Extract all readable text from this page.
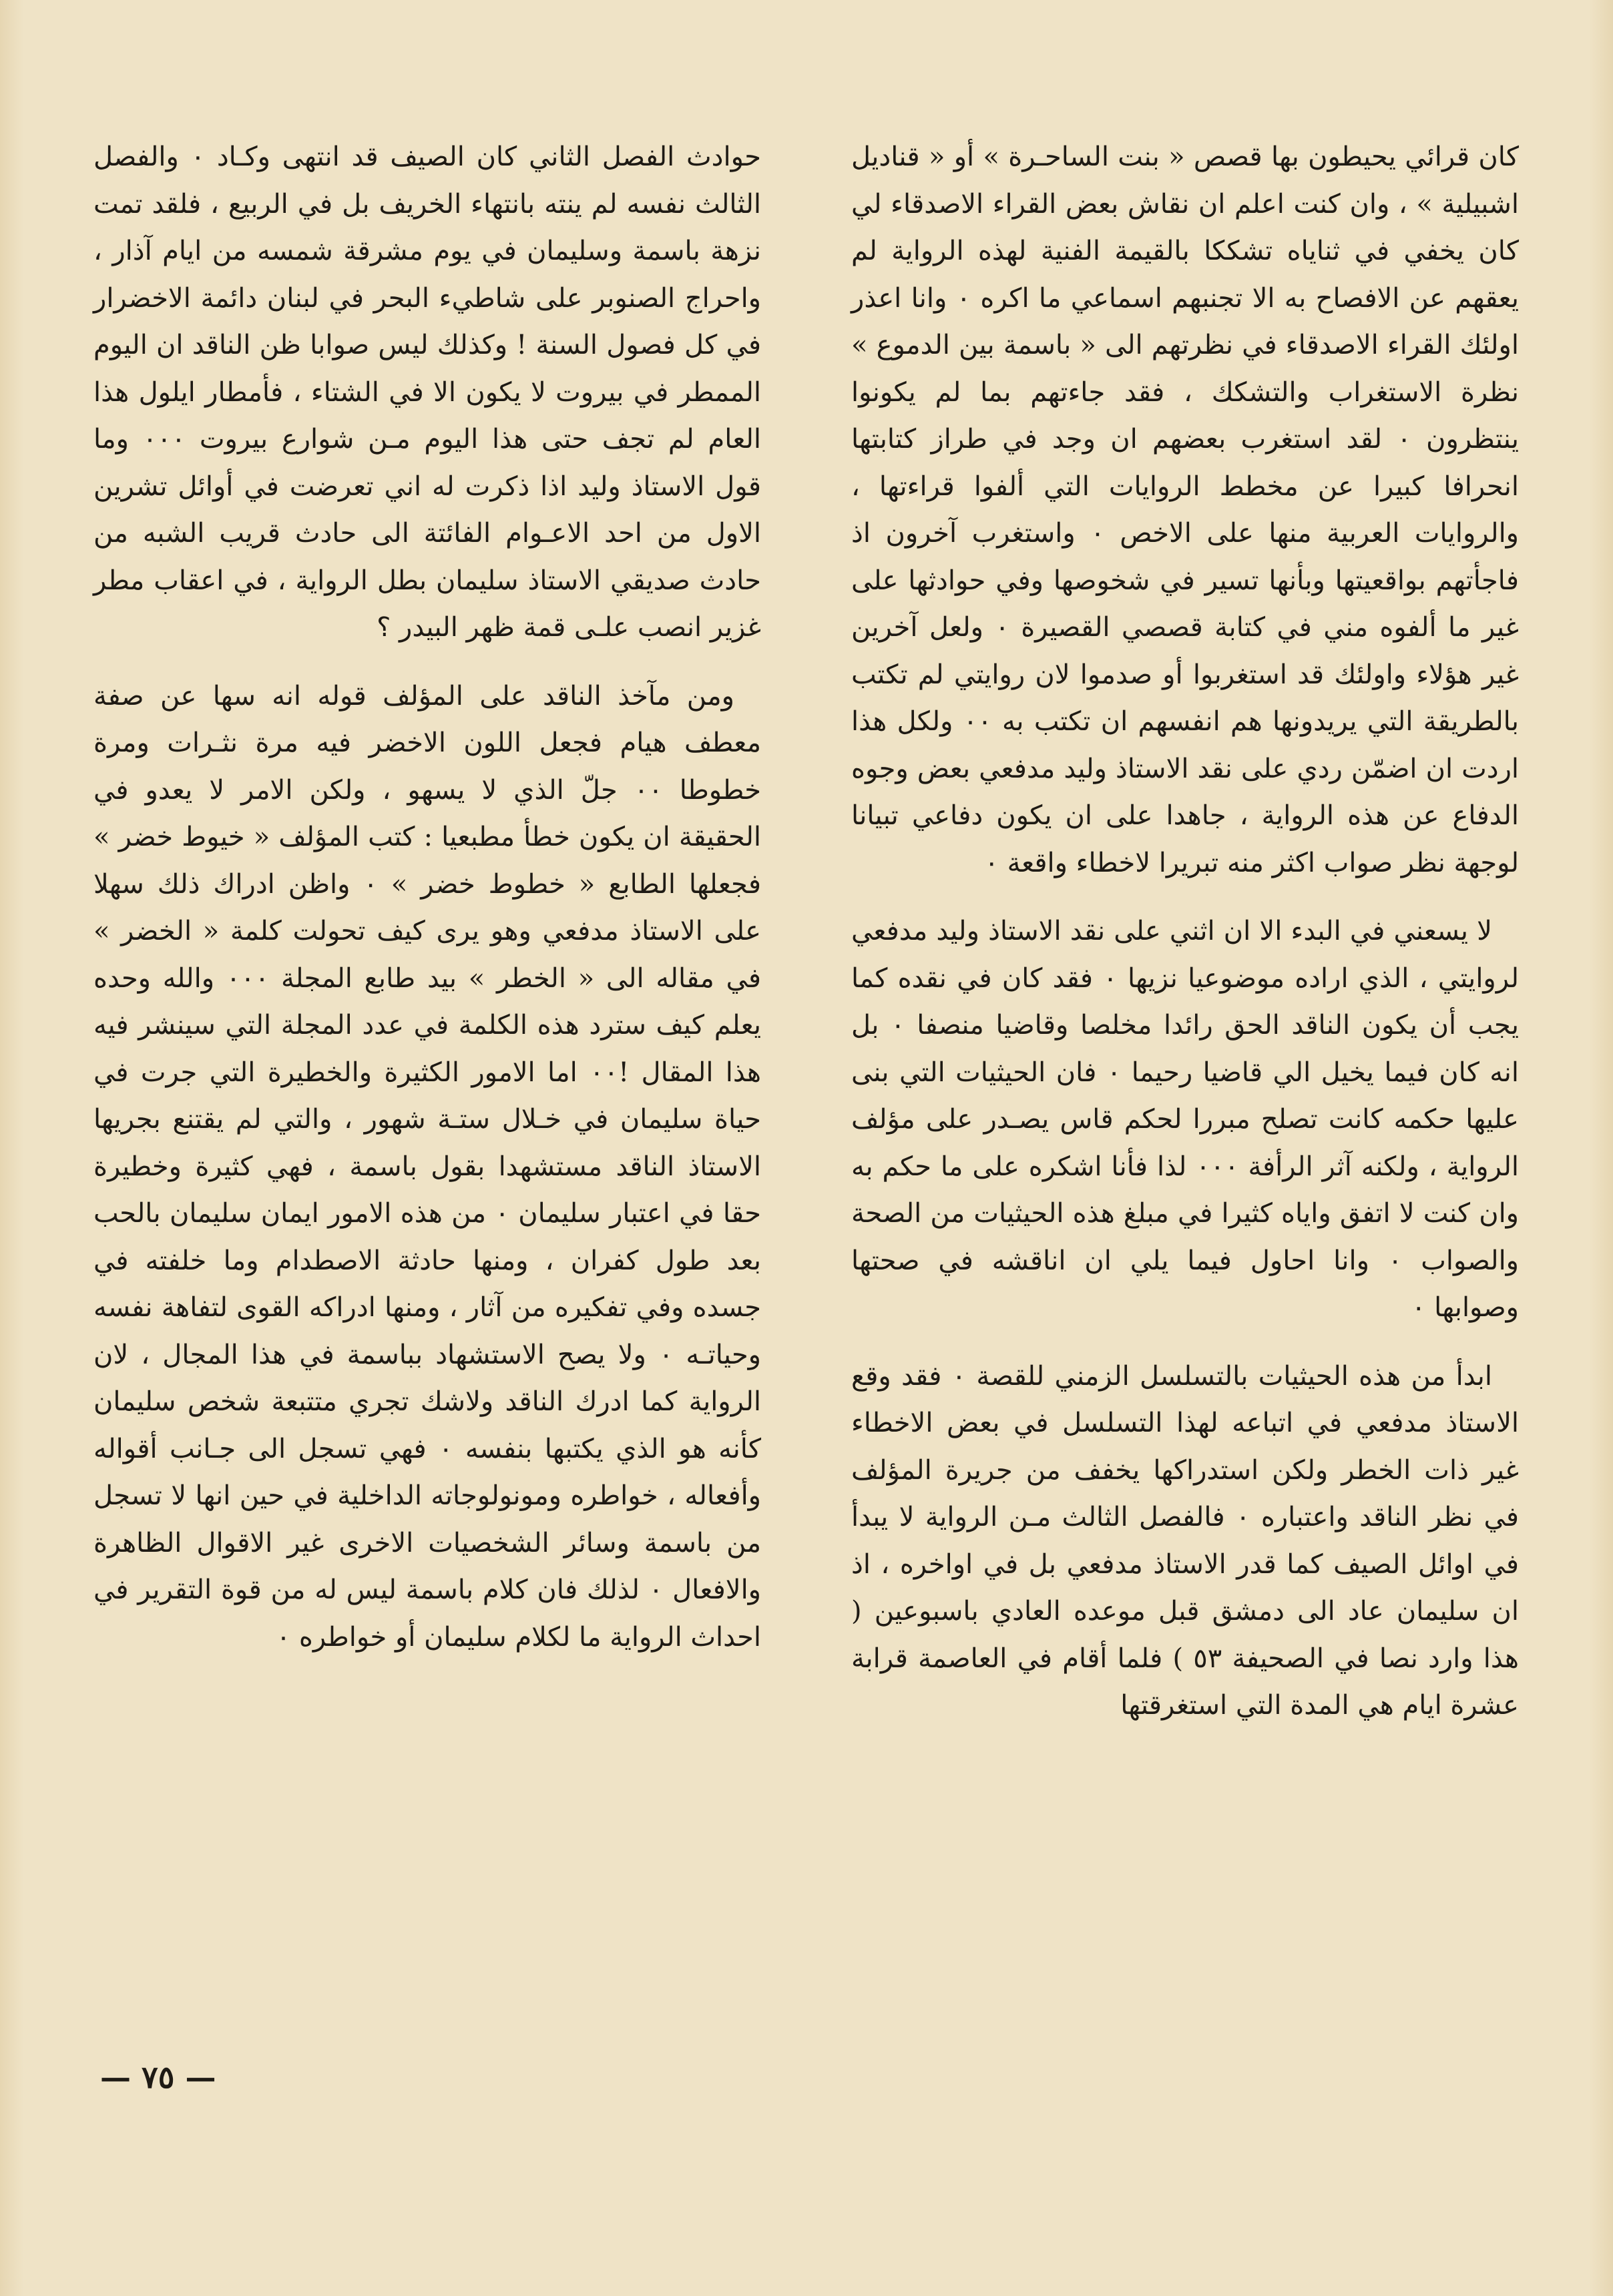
كان قرائي يحيطون بها قصص « بنت الساحـرة » أو « قناديل اشبيلية » ، وان كنت اعلم ان نقاش بعض القراء الاصدقاء لي كان يخفي في ثناياه تشككا بالقيمة الفنية لهذه الرواية لم يعقهم عن الافصاح به الا تجنبهم اسماعي ما اكره ٠ وانا اعذر اولئك القراء الاصدقاء في نظرتهم الى « باسمة بين الدموع » نظرة الاستغراب والتشكك ، فقد جاءتهم بما لم يكونوا ينتظرون ٠ لقد استغرب بعضهم ان وجد في طراز كتابتها انحرافا كبيرا عن مخطط الروايات التي ألفوا قراءتها ، والروايات العربية منها على الاخص ٠ واستغرب آخرون اذ فاجأتهم بواقعيتها وبأنها تسير في شخوصها وفي حوادثها على غير ما ألفوه مني في كتابة قصصي القصيرة ٠ ولعل آخرين غير هؤلاء واولئك قد استغربوا أو صدموا لان روايتي لم تكتب بالطريقة التي يريدونها هم انفسهم ان تكتب به ٠٠ ولكل هذا اردت ان اضمّن ردي على نقد الاستاذ وليد مدفعي بعض وجوه الدفاع عن هذه الرواية ، جاهدا على ان يكون دفاعي تبيانا لوجهة نظر صواب اكثر منه تبريرا لاخطاء واقعة ٠

لا يسعني في البدء الا ان اثني على نقد الاستاذ وليد مدفعي لروايتي ، الذي اراده موضوعيا نزيها ٠ فقد كان في نقده كما يجب أن يكون الناقد الحق رائدا مخلصا وقاضيا منصفا ٠ بل انه كان فيما يخيل الي قاضيا رحيما ٠ فان الحيثيات التي بنى عليها حكمه كانت تصلح مبررا لحكم قاس يصـدر على مؤلف الرواية ، ولكنه آثر الرأفة ٠٠٠ لذا فأنا اشكره على ما حكم به وان كنت لا اتفق واياه كثيرا في مبلغ هذه الحيثيات من الصحة والصواب ٠ وانا احاول فيما يلي ان اناقشه في صحتها وصوابها ٠

ابدأ من هذه الحيثيات بالتسلسل الزمني للقصة ٠ فقد وقع الاستاذ مدفعي في اتباعه لهذا التسلسل في بعض الاخطاء غير ذات الخطر ولكن استدراكها يخفف من جريرة المؤلف في نظر الناقد واعتباره ٠ فالفصل الثالث مـن الرواية لا يبدأ في اوائل الصيف كما قدر الاستاذ مدفعي بل في اواخره ، اذ ان سليمان عاد الى دمشق قبل موعده العادي باسبوعين ( هذا وارد نصا في الصحيفة ٥٣ ) فلما أقام في العاصمة قرابة عشرة ايام هي المدة التي استغرقتها

حوادث الفصل الثاني كان الصيف قد انتهى وكـاد ٠ والفصل الثالث نفسه لم ينته بانتهاء الخريف بل في الربيع ، فلقد تمت نزهة باسمة وسليمان في يوم مشرقة شمسه من ايام آذار ، واحراج الصنوبر على شاطيء البحر في لبنان دائمة الاخضرار في كل فصول السنة ! وكذلك ليس صوابا ظن الناقد ان اليوم الممطر في بيروت لا يكون الا في الشتاء ، فأمطار ايلول هذا العام لم تجف حتى هذا اليوم مـن شوارع بيروت ٠٠٠ وما قول الاستاذ وليد اذا ذكرت له اني تعرضت في أوائل تشرين الاول من احد الاعـوام الفائتة الى حادث قريب الشبه من حادث صديقي الاستاذ سليمان بطل الرواية ، في اعقاب مطر غزير انصب علـى قمة ظهر البيدر ؟

ومن مآخذ الناقد على المؤلف قوله انه سها عن صفة معطف هيام فجعل اللون الاخضر فيه مرة نثـرات ومرة خطوطا ٠٠ جلّ الذي لا يسهو ، ولكن الامر لا يعدو في الحقيقة ان يكون خطأ مطبعيا : كتب المؤلف « خيوط خضر » فجعلها الطابع « خطوط خضر » ٠ واظن ادراك ذلك سهلا على الاستاذ مدفعي وهو يرى كيف تحولت كلمة « الخضر » في مقاله الى « الخطر » بيد طابع المجلة ٠٠٠ والله وحده يعلم كيف سترد هذه الكلمة في عدد المجلة التي سينشر فيه هذا المقال !٠٠ اما الامور الكثيرة والخطيرة التي جرت في حياة سليمان في خـلال ستـة شهور ، والتي لم يقتنع بجريها الاستاذ الناقد مستشهدا بقول باسمة ، فهي كثيرة وخطيرة حقا في اعتبار سليمان ٠ من هذه الامور ايمان سليمان بالحب بعد طول كفران ، ومنها حادثة الاصطدام وما خلفته في جسده وفي تفكيره من آثار ، ومنها ادراكه القوى لتفاهة نفسه وحياتـه ٠ ولا يصح الاستشهاد بباسمة في هذا المجال ، لان الرواية كما ادرك الناقد ولاشك تجري متتبعة شخص سليمان كأنه هو الذي يكتبها بنفسه ٠ فهي تسجل الى جـانب أقواله وأفعاله ، خواطره ومونولوجاته الداخلية في حين انها لا تسجل من باسمة وسائر الشخصيات الاخرى غير الاقوال الظاهرة والافعال ٠ لذلك فان كلام باسمة ليس له من قوة التقرير في احداث الرواية ما لكلام سليمان أو خواطره ٠

— ٧٥ —
